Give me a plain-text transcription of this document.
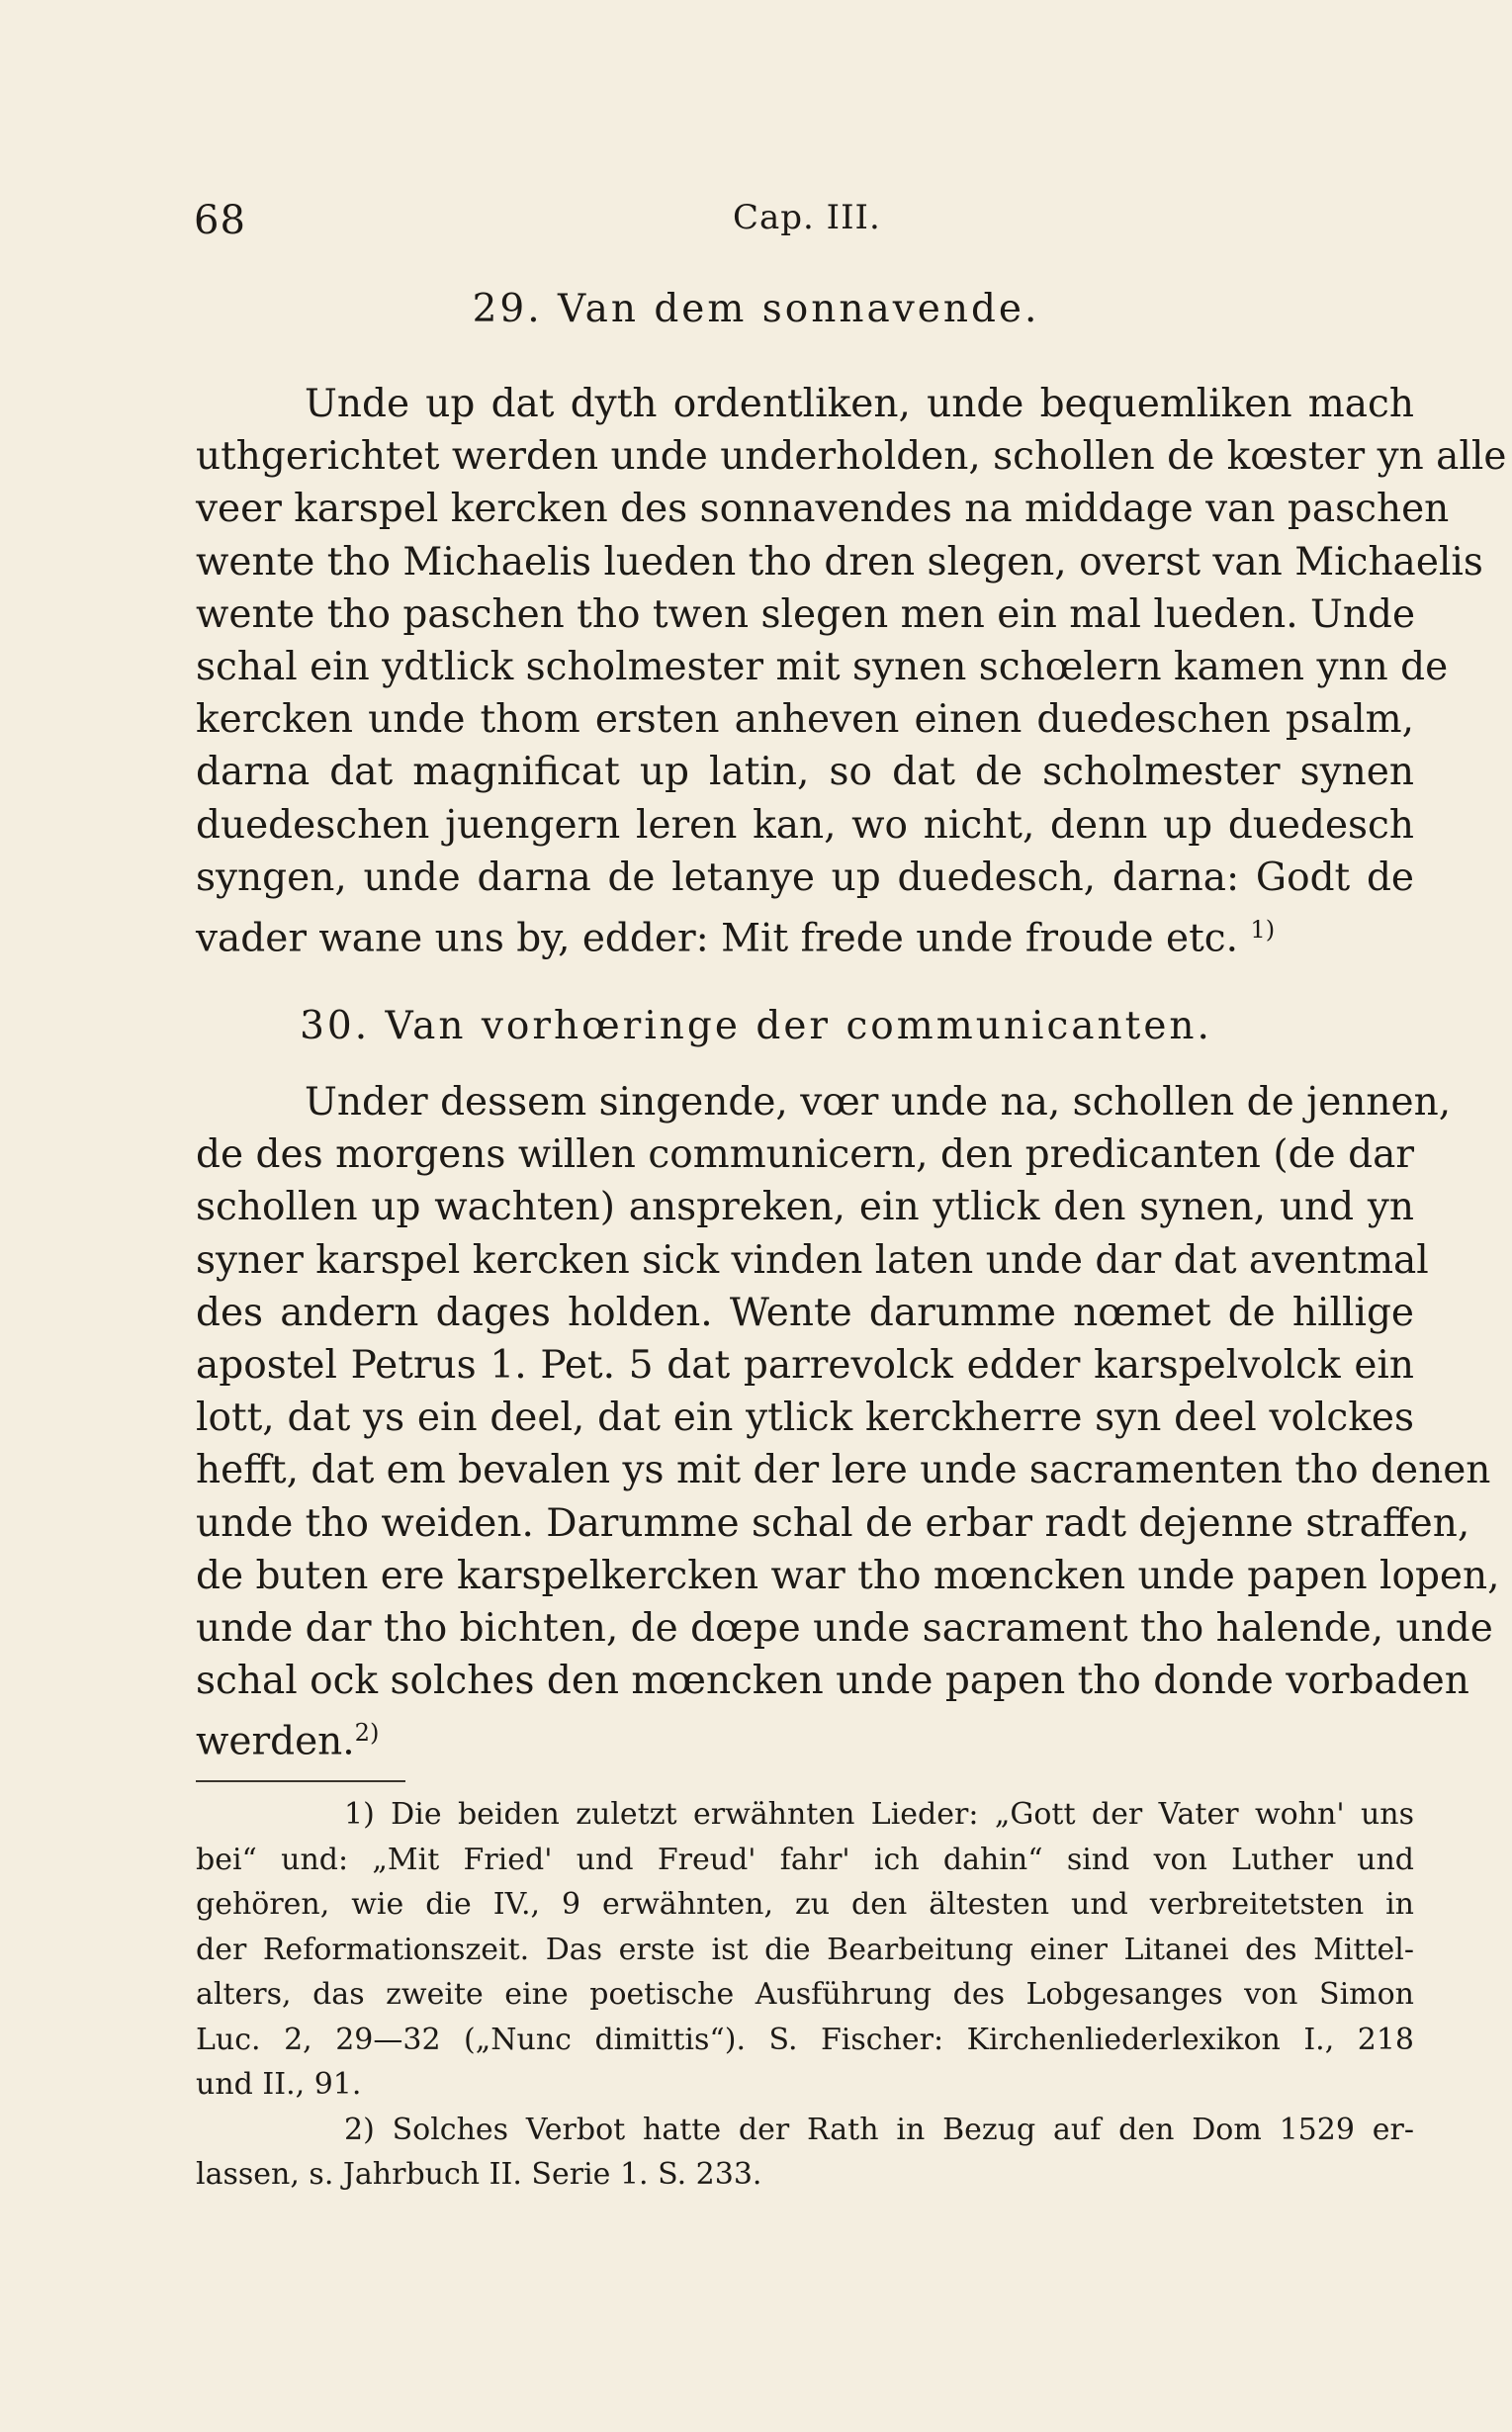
68	Cap. III.
29. Van dem sonnavende.
Unde up dat dyth ordentliken, unde bequemliken mach
uthgerichtet werden unde underholden, schollen de kœster yn alle
veer karspel kercken des sonnavendes na middage van paschen
wente tho Michaelis lueden tho dren slegen, overst van Michaelis
wente tho paschen tho twen slegen men ein mal lueden. Unde
schal ein ydtlick scholmester mit synen schœlern kamen ynn de
kercken unde thom ersten anheven einen duedeschen psalm,
darna dat magnificat up latin, so dat de scholmester synen
duedeschen juengern leren kan, wo nicht, denn up duedesch
syngen, unde darna de letanye up duedesch, darna: Godt de
vader wane uns by, edder: Mit frede unde froude etc. $^{1)}$
30. Van vorhœringe der communicanten.
Under dessem singende, vœr unde na, schollen de jennen,
de des morgens willen communicern, den predicanten (de dar
schollen up wachten) anspreken, ein ytlick den synen, und yn
syner karspel kercken sick vinden laten unde dar dat aventmal
des andern dages holden. Wente darumme nœmet de hillige
apostel Petrus 1. Pet. 5 dat parrevolck edder karspelvolck ein
lott, dat ys ein deel, dat ein ytlick kerckherre syn deel volckes
hefft, dat em bevalen ys mit der lere unde sacramenten tho denen
unde tho weiden. Darumme schal de erbar radt dejenne straffen,
de buten ere karspelkercken war tho mœncken unde papen lopen,
unde dar tho bichten, de dœpe unde sacrament tho halende, unde
schal ock solches den mœncken unde papen tho donde vorbaden
werden.$^{2)}$
1) Die beiden zuletzt erwähnten Lieder: „Gott der Vater wohn' uns
bei“ und: „Mit Fried' und Freud' fahr' ich dahin“ sind von Luther und
gehören, wie die IV., 9 erwähnten, zu den ältesten und verbreitetsten in
der Reformationszeit. Das erste ist die Bearbeitung einer Litanei des Mittel-
alters, das zweite eine poetische Ausführung des Lobgesanges von Simon
Luc. 2, 29—32 („Nunc dimittis“). S. Fischer: Kirchenliederlexikon I., 218
und II., 91.
2) Solches Verbot hatte der Rath in Bezug auf den Dom 1529 er-
lassen, s. Jahrbuch II. Serie 1. S. 233.
